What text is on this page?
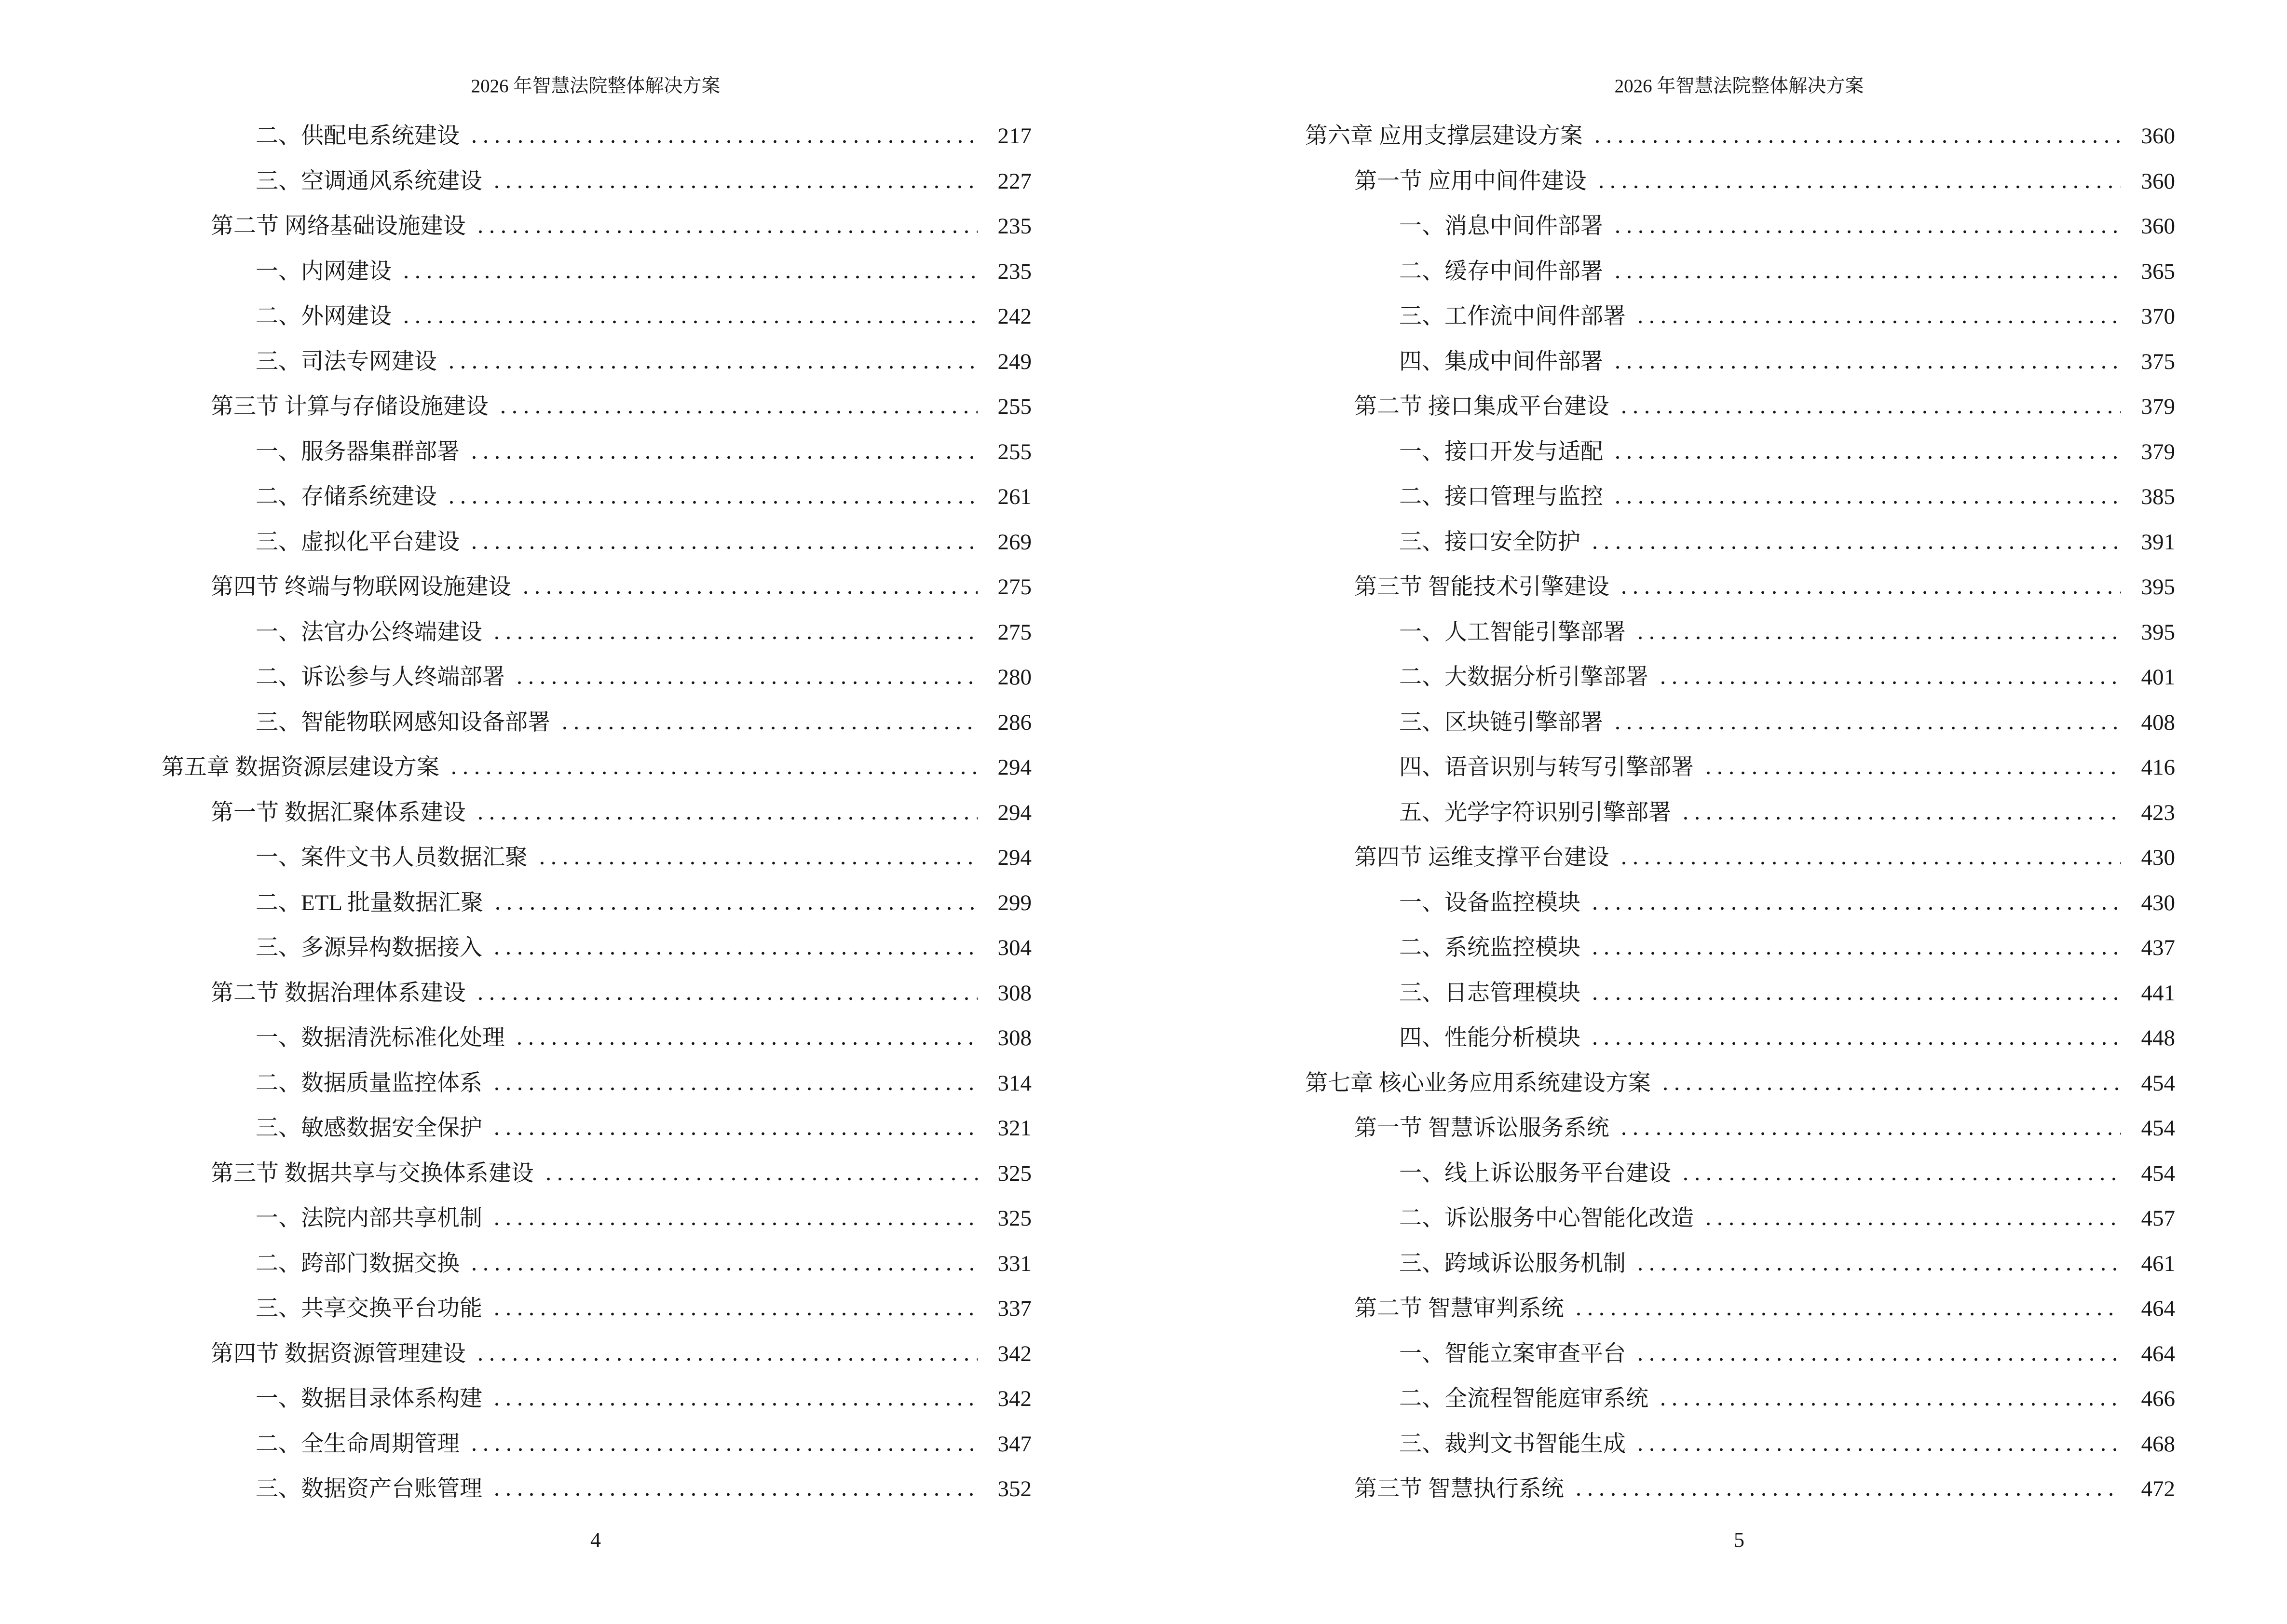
2026 年智慧法院整体解决方案
二、供配电系统建设	217
三、空调通风系统建设	227
第二节 网络基础设施建设	235
一、内网建设	235
二、外网建设	242
三、司法专网建设	249
第三节 计算与存储设施建设	255
一、服务器集群部署	255
二、存储系统建设	261
三、虚拟化平台建设	269
第四节 终端与物联网设施建设	275
一、法官办公终端建设	275
二、诉讼参与人终端部署	280
三、智能物联网感知设备部署	286
第五章 数据资源层建设方案	294
第一节 数据汇聚体系建设	294
一、案件文书人员数据汇聚	294
二、ETL 批量数据汇聚	299
三、多源异构数据接入	304
第二节 数据治理体系建设	308
一、数据清洗标准化处理	308
二、数据质量监控体系	314
三、敏感数据安全保护	321
第三节 数据共享与交换体系建设	325
一、法院内部共享机制	325
二、跨部门数据交换	331
三、共享交换平台功能	337
第四节 数据资源管理建设	342
一、数据目录体系构建	342
二、全生命周期管理	347
三、数据资产台账管理	352
4
2026 年智慧法院整体解决方案
第六章 应用支撑层建设方案	360
第一节 应用中间件建设	360
一、消息中间件部署	360
二、缓存中间件部署	365
三、工作流中间件部署	370
四、集成中间件部署	375
第二节 接口集成平台建设	379
一、接口开发与适配	379
二、接口管理与监控	385
三、接口安全防护	391
第三节 智能技术引擎建设	395
一、人工智能引擎部署	395
二、大数据分析引擎部署	401
三、区块链引擎部署	408
四、语音识别与转写引擎部署	416
五、光学字符识别引擎部署	423
第四节 运维支撑平台建设	430
一、设备监控模块	430
二、系统监控模块	437
三、日志管理模块	441
四、性能分析模块	448
第七章 核心业务应用系统建设方案	454
第一节 智慧诉讼服务系统	454
一、线上诉讼服务平台建设	454
二、诉讼服务中心智能化改造	457
三、跨域诉讼服务机制	461
第二节 智慧审判系统	464
一、智能立案审查平台	464
二、全流程智能庭审系统	466
三、裁判文书智能生成	468
第三节 智慧执行系统	472
5
